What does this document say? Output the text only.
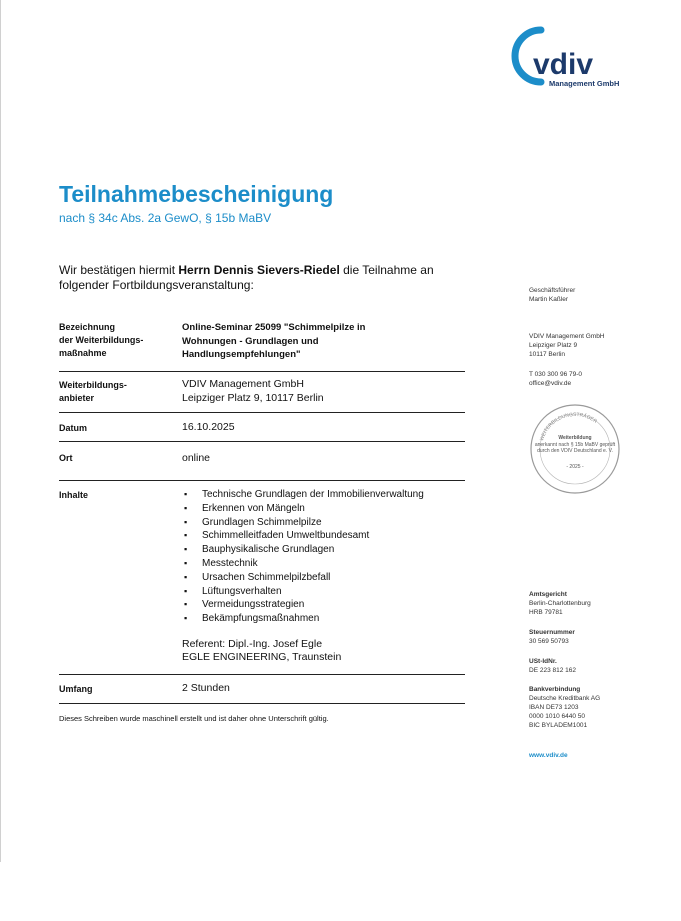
vdiv
Management GmbH
Teilnahmebescheinigung
nach § 34c Abs. 2a GewO, § 15b MaBV
Wir bestätigen hiermit Herrn Dennis Sievers-Riedel die Teilnahme an folgender Fortbildungsveranstaltung:
Bezeichnung
der Weiterbildungs-
maßnahme
Online-Seminar 25099 "Schimmelpilze in
Wohnungen - Grundlagen und
Handlungsempfehlungen"
Weiterbildungs-
anbieter
VDIV Management GmbH
Leipziger Platz 9, 10117 Berlin
Datum	16.10.2025
Ort	online
Inhalte
▪	Technische Grundlagen der Immobilienverwaltung
▪ Erkennen von Mängeln
▪ Grundlagen Schimmelpilze
▪ Schimmelleitfaden Umweltbundesamt
▪ Bauphysikalische Grundlagen
▪ Messtechnik
▪ Ursachen Schimmelpilzbefall
▪ Lüftungsverhalten
▪ Vermeidungsstrategien
▪ Bekämpfungsmaßnahmen
Referent: Dipl.-Ing. Josef Egle
EGLE ENGINEERING, Traunstein
Umfang	2 Stunden
Dieses Schreiben wurde maschinell erstellt und ist daher ohne Unterschrift gültig.
Geschäftsführer
Martin Kaßler
VDIV Management GmbH
Leipziger Platz 9
10117 Berlin
T 030 300 96 79-0
office@vdiv.de
WEITERBILDUNGSTRÄGER
Weiterbildung
anerkannt nach § 15b MaBV geprüft
durch den VDIV Deutschland e. V.
- 2025 -
Amtsgericht
Berlin-Charlottenburg
HRB 79781
Steuernummer
30 569 50793
USt-IdNr.
DE 223 812 162
Bankverbindung
Deutsche Kreditbank AG
IBAN DE73 1203
0000 1010 6440 50
BIC BYLADEM1001
www.vdiv.de
